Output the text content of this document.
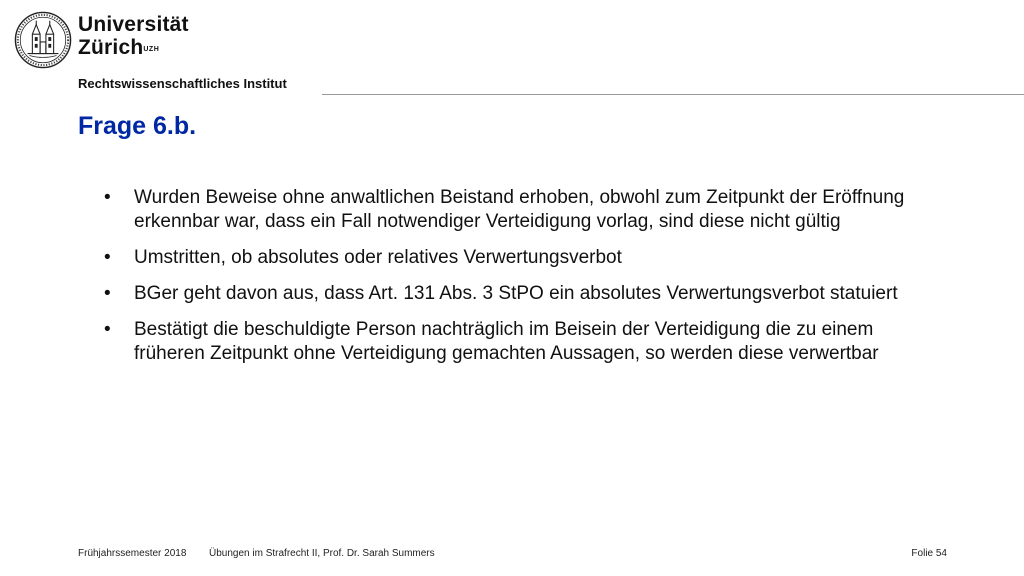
Universität
Zürich$^{UZH}$
Rechtswissenschaftliches Institut
Frage 6.b.
• Wurden Beweise ohne anwaltlichen Beistand erhoben, obwohl zum Zeitpunkt der Eröffnung erkennbar war, dass ein Fall notwendiger Verteidigung vorlag, sind diese nicht gültig
• Umstritten, ob absolutes oder relatives Verwertungsverbot
• BGer geht davon aus, dass Art. 131 Abs. 3 StPO ein absolutes Verwertungsverbot statuiert
• Bestätigt die beschuldigte Person nachträglich im Beisein der Verteidigung die zu einem früheren Zeitpunkt ohne Verteidigung gemachten Aussagen, so werden diese verwertbar
Frühjahrssemester 2018 Übungen im Strafrecht II, Prof. Dr. Sarah Summers	Folie 54
